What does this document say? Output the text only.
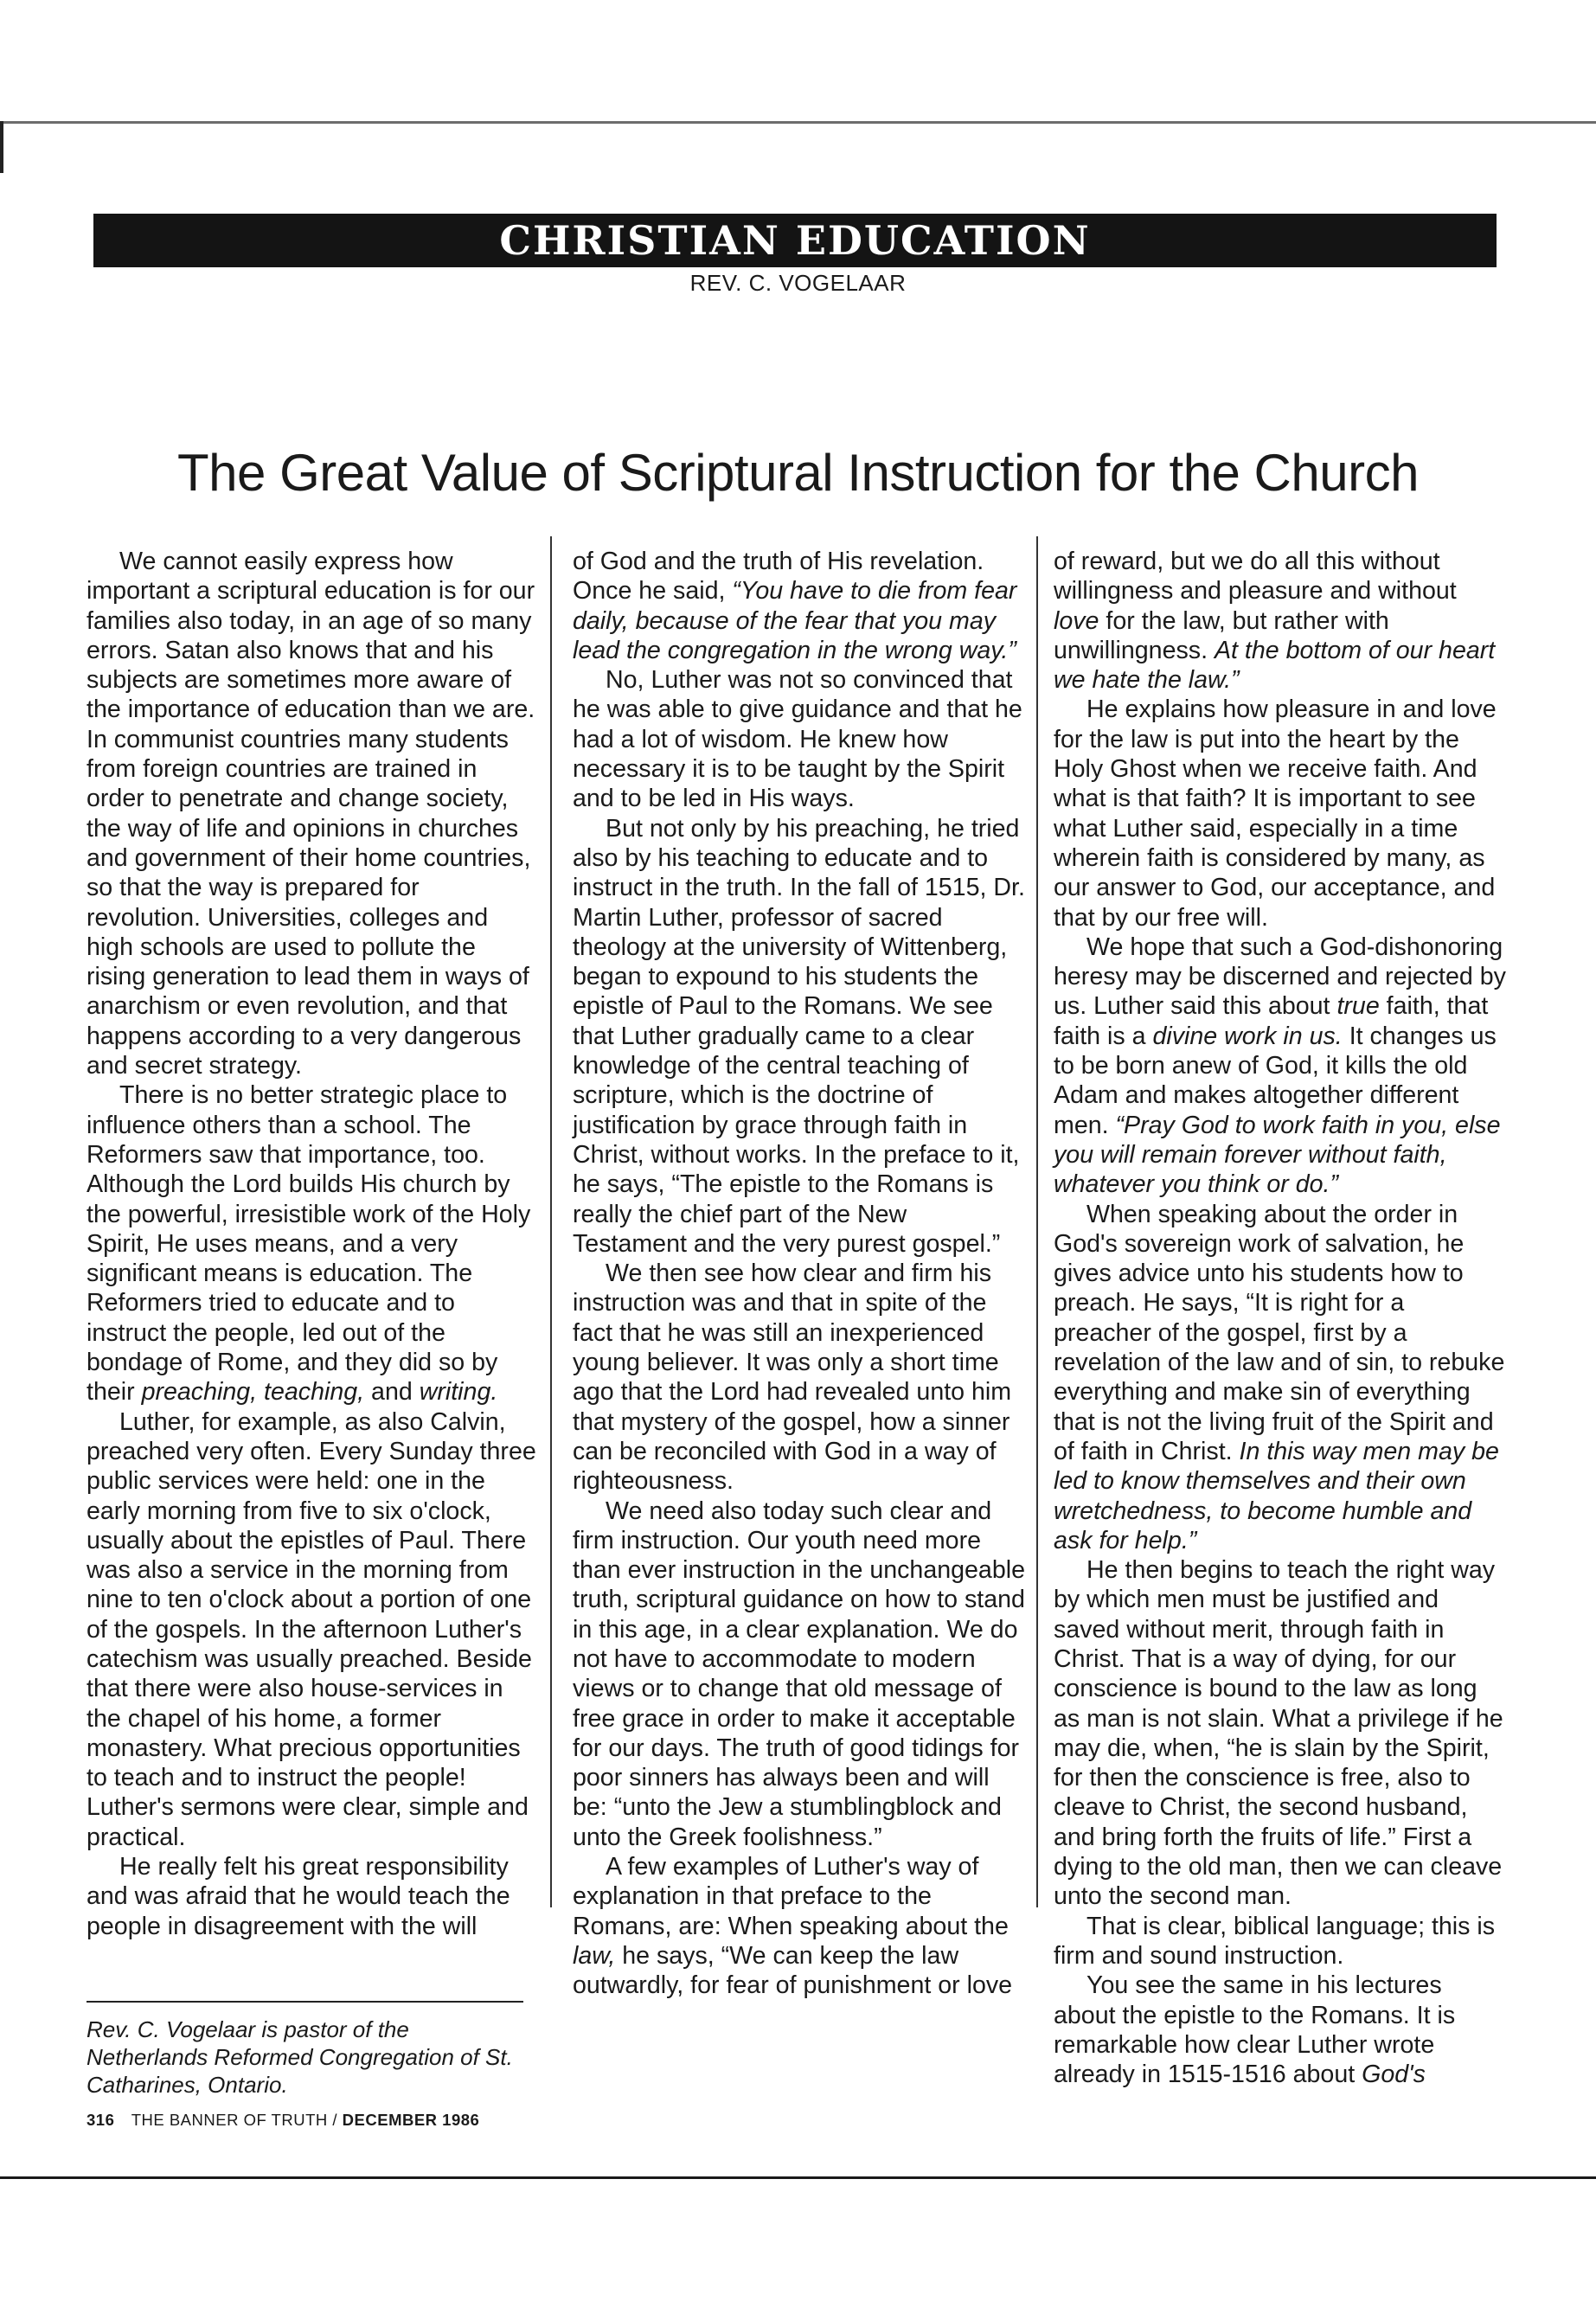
CHRISTIAN EDUCATION
REV. C. VOGELAAR
The Great Value of Scriptural Instruction for the Church

We cannot easily express how important a scriptural education is for our families also today, in an age of so many errors. Satan also knows that and his subjects are sometimes more aware of the importance of education than we are. In communist countries many students from foreign countries are trained in order to penetrate and change society, the way of life and opinions in churches and government of their home countries, so that the way is prepared for revolution. Universities, colleges and high schools are used to pollute the rising generation to lead them in ways of anarchism or even revolution, and that happens according to a very dangerous and secret strategy.

There is no better strategic place to influence others than a school. The Reformers saw that importance, too. Although the Lord builds His church by the powerful, irresistible work of the Holy Spirit, He uses means, and a very significant means is education. The Reformers tried to educate and to instruct the people, led out of the bondage of Rome, and they did so by their preaching, teaching, and writing.

Luther, for example, as also Calvin, preached very often. Every Sunday three public services were held: one in the early morning from five to six o'clock, usually about the epistles of Paul. There was also a service in the morning from nine to ten o'clock about a portion of one of the gospels. In the afternoon Luther's catechism was usually preached. Beside that there were also house-services in the chapel of his home, a former monastery. What precious opportunities to teach and to instruct the people! Luther's sermons were clear, simple and practical.

He really felt his great responsibility and was afraid that he would teach the people in disagreement with the will

of God and the truth of His revelation. Once he said, “You have to die from fear daily, because of the fear that you may lead the congregation in the wrong way.”

No, Luther was not so convinced that he was able to give guidance and that he had a lot of wisdom. He knew how necessary it is to be taught by the Spirit and to be led in His ways.

But not only by his preaching, he tried also by his teaching to educate and to instruct in the truth. In the fall of 1515, Dr. Martin Luther, professor of sacred theology at the university of Wittenberg, began to expound to his students the epistle of Paul to the Romans. We see that Luther gradually came to a clear knowledge of the central teaching of scripture, which is the doctrine of justification by grace through faith in Christ, without works. In the preface to it, he says, “The epistle to the Romans is really the chief part of the New Testament and the very purest gospel.”

We then see how clear and firm his instruction was and that in spite of the fact that he was still an inexperienced young believer. It was only a short time ago that the Lord had revealed unto him that mystery of the gospel, how a sinner can be reconciled with God in a way of righteousness.

We need also today such clear and firm instruction. Our youth need more than ever instruction in the unchangeable truth, scriptural guidance on how to stand in this age, in a clear explanation. We do not have to accommodate to modern views or to change that old message of free grace in order to make it acceptable for our days. The truth of good tidings for poor sinners has always been and will be: “unto the Jew a stumblingblock and unto the Greek foolishness.”

A few examples of Luther's way of explanation in that preface to the Romans, are: When speaking about the law, he says, “We can keep the law outwardly, for fear of punishment or love

of reward, but we do all this without willingness and pleasure and without love for the law, but rather with unwillingness. At the bottom of our heart we hate the law.”

He explains how pleasure in and love for the law is put into the heart by the Holy Ghost when we receive faith. And what is that faith? It is important to see what Luther said, especially in a time wherein faith is considered by many, as our answer to God, our acceptance, and that by our free will.

We hope that such a God-dishonoring heresy may be discerned and rejected by us. Luther said this about true faith, that faith is a divine work in us. It changes us to be born anew of God, it kills the old Adam and makes altogether different men. “Pray God to work faith in you, else you will remain forever without faith, whatever you think or do.”

When speaking about the order in God's sovereign work of salvation, he gives advice unto his students how to preach. He says, “It is right for a preacher of the gospel, first by a revelation of the law and of sin, to rebuke everything and make sin of everything that is not the living fruit of the Spirit and of faith in Christ. In this way men may be led to know themselves and their own wretchedness, to become humble and ask for help.”

He then begins to teach the right way by which men must be justified and saved without merit, through faith in Christ. That is a way of dying, for our conscience is bound to the law as long as man is not slain. What a privilege if he may die, when, “he is slain by the Spirit, for then the conscience is free, also to cleave to Christ, the second husband, and bring forth the fruits of life.” First a dying to the old man, then we can cleave unto the second man.

That is clear, biblical language; this is firm and sound instruction.

You see the same in his lectures about the epistle to the Romans. It is remarkable how clear Luther wrote already in 1515-1516 about God's

Rev. C. Vogelaar is pastor of the Netherlands Reformed Congregation of St. Catharines, Ontario.
316 THE BANNER OF TRUTH / DECEMBER 1986
